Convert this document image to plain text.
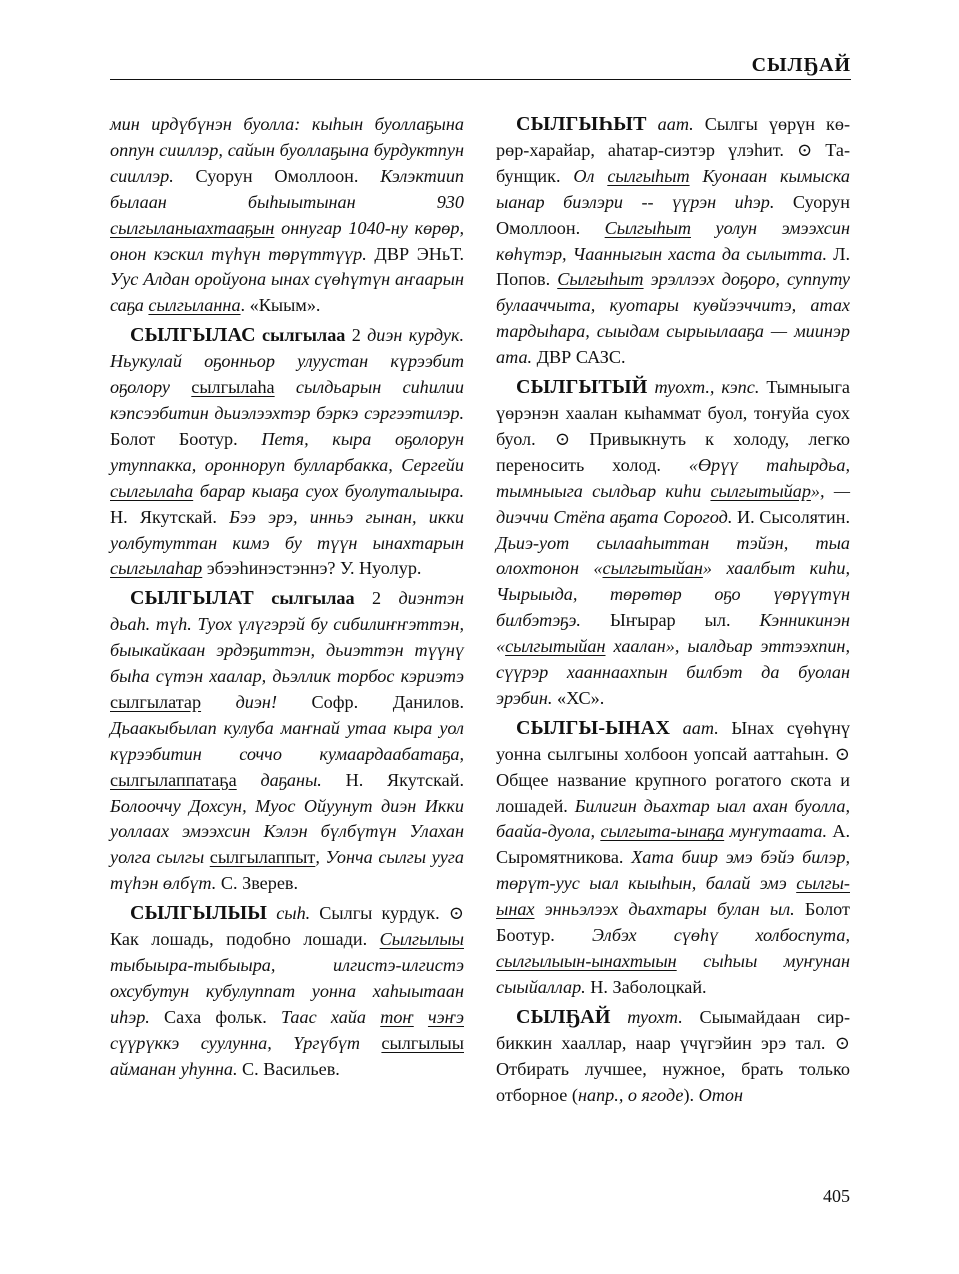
СЫЛҔАЙ

мин ирдүбүнэн буолла: кыһын буоллаҕына оппун сииллэр, сайын буоллаҕына бурдуктпун сииллэр. Суорун Омоллоон. Кэлэктиип былаан быһыытынан 930 сылгыланыахтааҕын оннугар 1040-ну көрөр, онон кэскил түһүн төрүттүүр. ДВР ЭНьТ. Уус Алдан оройуона ынах сүөһүтүн аҥаарын саҕа сылгыланна. «Кыым».

СЫЛГЫЛАС сылгылаа 2 диэн курдук. Ньукулай оҕонньор улуустан күрээбит оҕолору сылгылаһа сылдьарын сиһилии кэпсээбитин дьиэлээхтэр бэркэ сэргээтилэр. Болот Боотур. Петя, кыра оҕолорун утуппакка, оронноруn булларбакка, Сергейи сылгылаһа барар кыаҕа суох буолуталыыра. Н. Якутскай. Бээ эрэ, инньэ гынан, икки уолбутуттан кимэ бу түүн ынахтарын сылгылаһар эбээһинэстэннэ? У. Нуолур.

СЫЛГЫЛАТ сылгылаа 2 диэнтэн дьаһ. түһ. Туох үлүгэрэй бу сибилиҥҥэттэн, быыкайкаан эрдэҕиттэн, дьиэттэн түүнү быһа сүтэн хаалар, дьэллик торбос кэриэтэ сылгылатар диэн! Софр. Данилов. Дьаакыбылап кулуба маҥнай утаа кыра уол күрээбитин соччо кумаардаабатаҕа, сылгылаппатаҕа даҕаны. Н. Якутскай. Болооччу Дохсун, Муос Ойуунут диэн Икки уоллаах эмээхсин Кэлэн бүлбүтүн Улахан уолга сылгы сылгылаппыт, Уонча сылгы ууга түһэн өлбүт. С. Зверев.

СЫЛГЫЛЫЫ сыһ. Сылгы курдук. ⊙ Как лошадь, подобно лошади. Сылгылыы тыбыыра-тыбыыра, илгистэ-илгистэ охсубутун кубулуппат уонна хаһыытаан иһэр. Саха фольк. Таас хайа тоҥ чэҥэ сүүрүккэ суулунна, Үргүбүт сылгылыы айманан уһунна. С. Васильев.

СЫЛГЫҺЫТ аат. Сылгы үөрүн көрөр-харайар, аһатар-сиэтэр үлэһит. ⊙ Табунщик. Ол сылгыһыт Куонаан кымыска ыанар биэлэри -- үүрэн иһэр. Суорун Омоллоон. Сылгыһыт уолун эмээхсин көһүтэр, Чаанныгын хаста да сылытта. Л. Попов. Сылгыһыт эрэллээх доҕоро, суппуту булааччыта, куотары куөйээччитэ, атах тардыһара, сыыдам сырыылааҕа — миинэр ата. ДВР САЗС.

СЫЛГЫТЫЙ туохт., кэпс. Тымныыга үөрэнэн хаалан кыһаммат буол, тоҥуйа суох буол. ⊙ Привыкнуть к холоду, легко переносить холод. «Өрүү таһырдьа, тымныыга сылдьар киһи сылгытыйар», — диэччи Стёпа аҕата Сорогод. И. Сысолятин. Дьиэ-уот сылааһыттан тэйэн, тыа олохтонон «сылгытыйан» хаалбыт киһи, Чырыыда, төрөтөр оҕо үөрүүтүн билбэтэҕэ. Ыҥырар ыл. Кэнникинэн «сылгытыйан хаалан», ыалдьар эттээхпин, сүүрэр хааннаахпын билбэт да буолан эрэбин. «ХС».

СЫЛГЫ-ЫНАХ аат. Ынах сүөһүнү уонна сылгыны холбоон уопсай ааттаһын. ⊙ Общее название крупного рогатого скота и лошадей. Билигин дьахтар ыал ахан буолла, баайа-дуола, сылгыта-ынаҕа муҥутаата. А. Сыромятникова. Хата биир эмэ бэйэ билэр, төрүт-уус ыал кыыһын, балай эмэ сылгы-ынах энньэлээх дьахтары булан ыл. Болот Боотур. Элбэх сүөһү холбоспута, сылгылыын-ынахтыын сыһыы муҥунан сыыйаллар. Н. Заболоцкай.

СЫЛҔАЙ туохт. Сыымайдаан сирбиккин хааллар, наар үчүгэйин эрэ тал. ⊙ Отбирать лучшее, нужное, брать только отборное (напр., о ягоде). Отон

405
